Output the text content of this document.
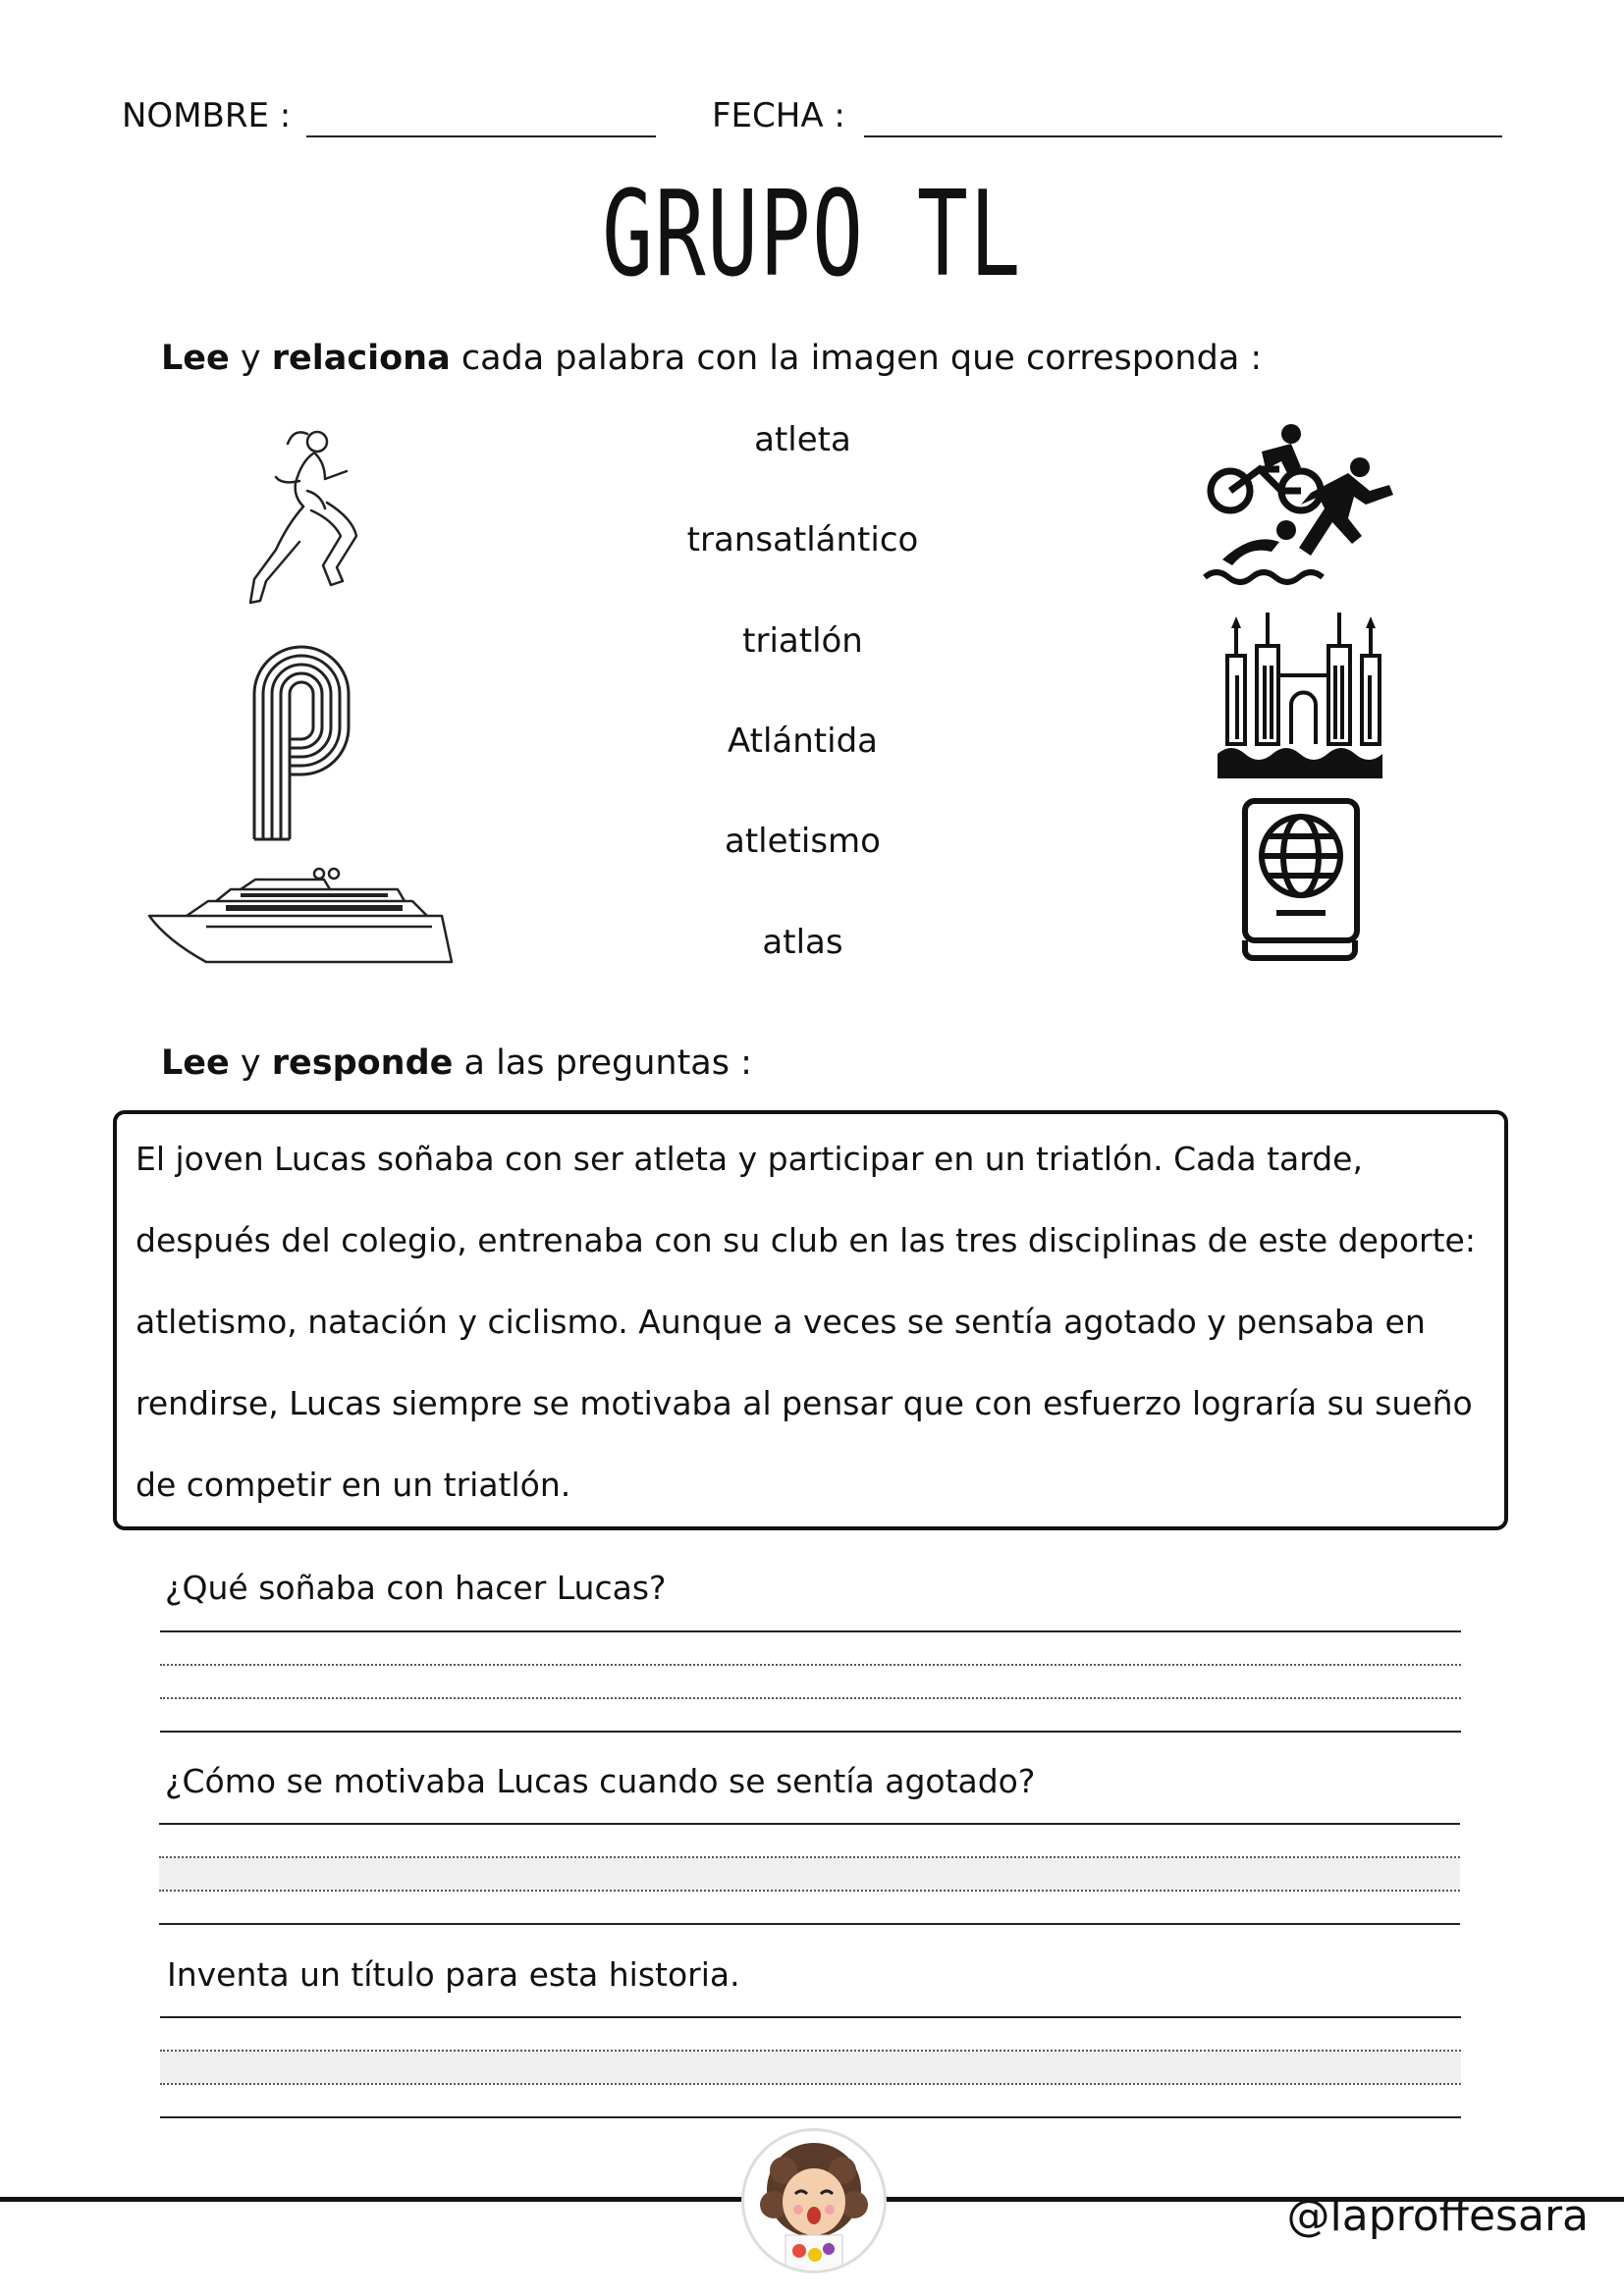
NOMBRE :	FECHA :
GRUPO TL
Lee y relaciona cada palabra con la imagen que corresponda :
atleta
transatlántico
triatlón
Atlántida
atletismo
atlas
Lee y responde a las preguntas :
El joven Lucas soñaba con ser atleta y participar en un triatlón. Cada tarde,
después del colegio, entrenaba con su club en las tres disciplinas de este deporte:
atletismo, natación y ciclismo. Aunque a veces se sentía agotado y pensaba en
rendirse, Lucas siempre se motivaba al pensar que con esfuerzo lograría su sueño
de competir en un triatlón.
¿Qué soñaba con hacer Lucas?
¿Cómo se motivaba Lucas cuando se sentía agotado?
Inventa un título para esta historia.
@laproffesara
